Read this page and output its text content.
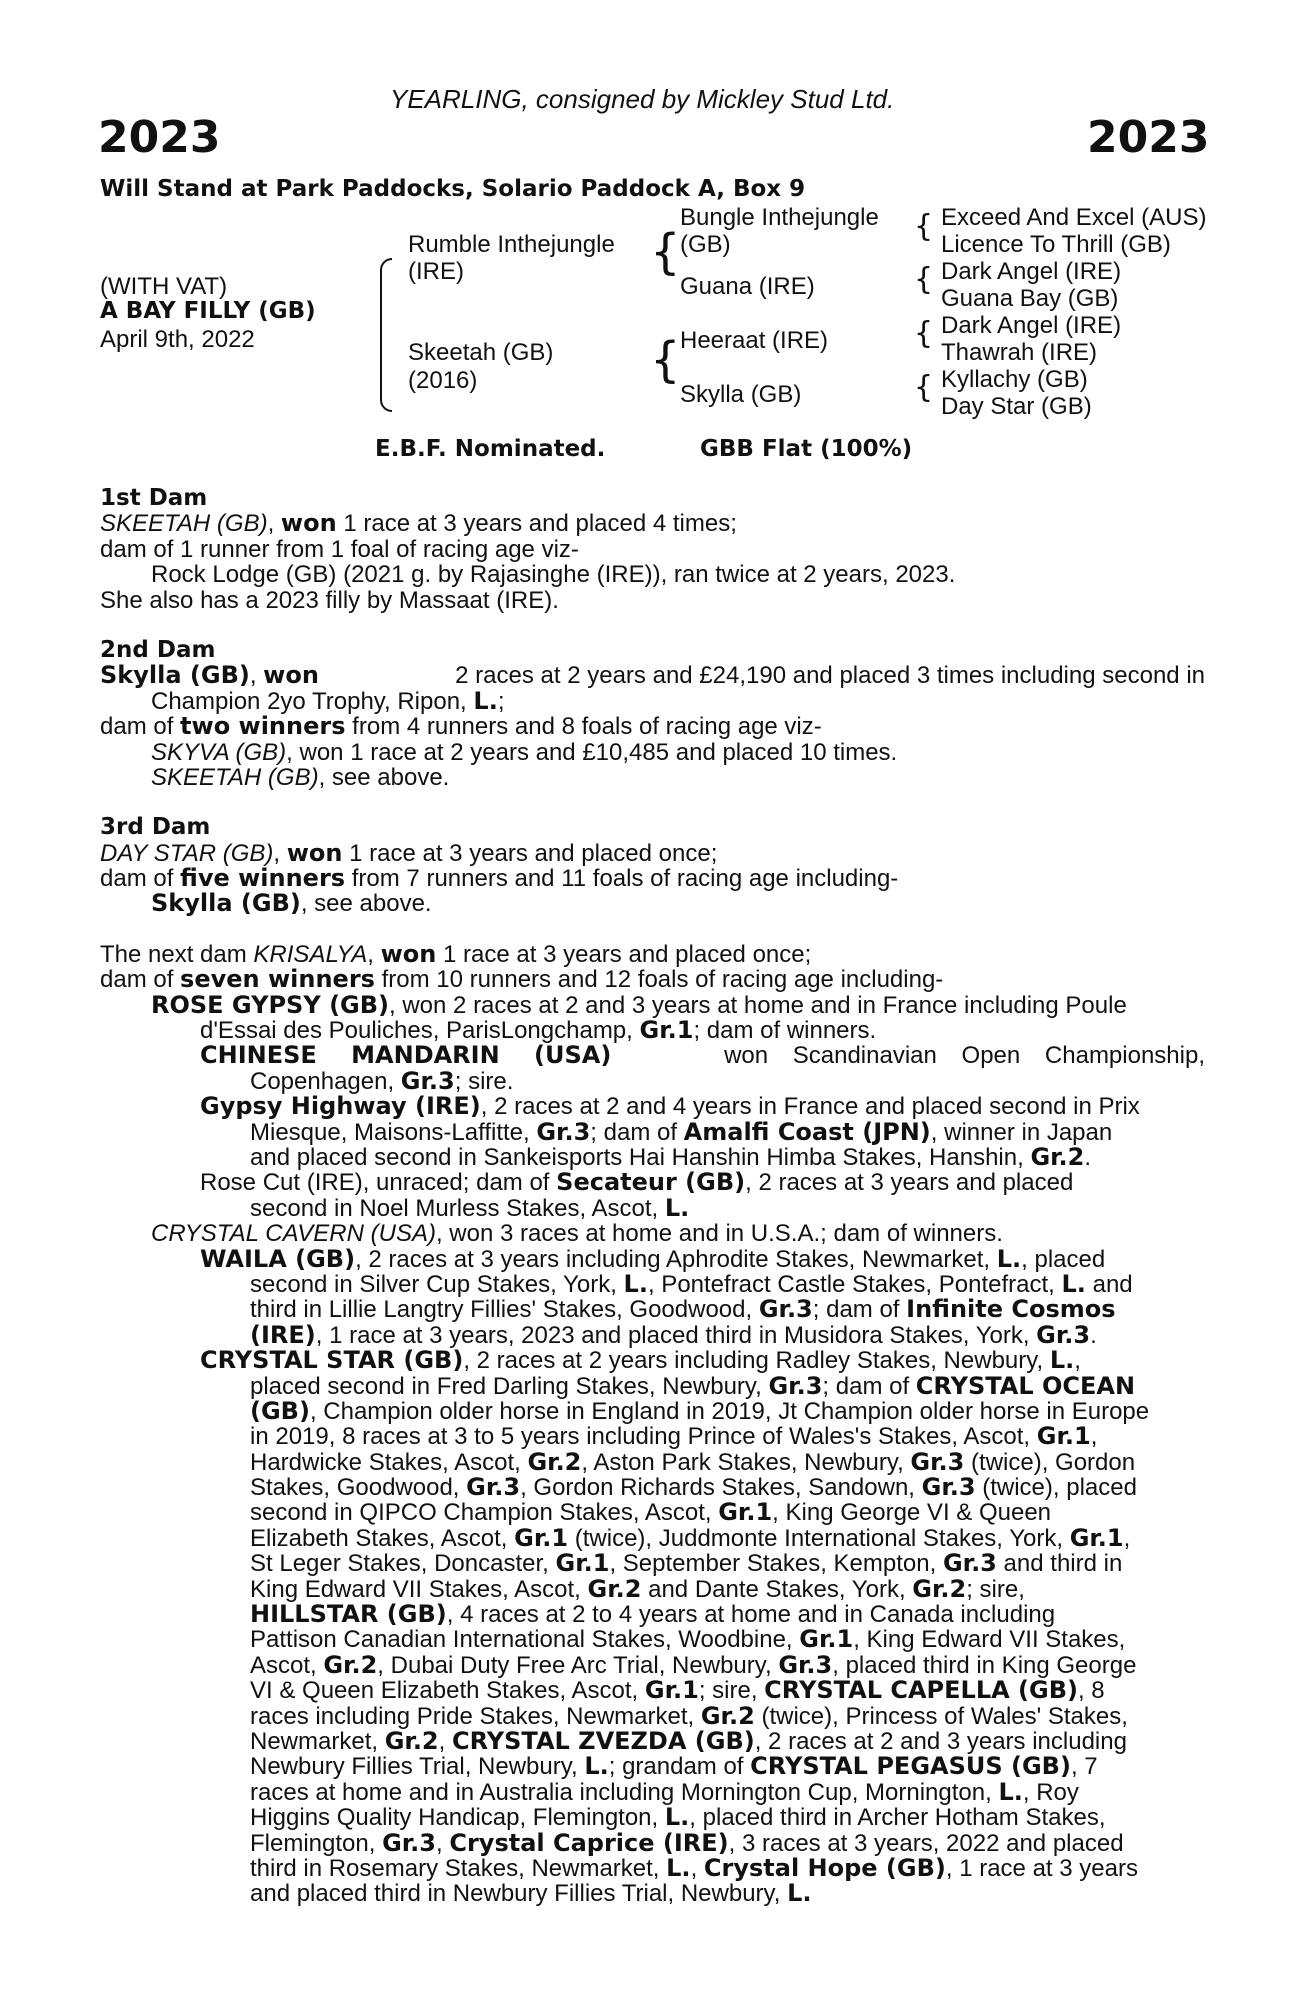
YEARLING, consigned by Mickley Stud Ltd.
2023	2023
Will Stand at Park Paddocks, Solario Paddock A, Box 9
(WITH VAT)
A BAY FILLY (GB)
April 9th, 2022
{
{
{
{
{
{
Rumble Inthejungle
(IRE)
Skeetah (GB)
(2016)
Bungle Inthejungle
(GB)
Guana (IRE)
Heeraat (IRE)
Skylla (GB)
Exceed And Excel (AUS)
Licence To Thrill (GB)
Dark Angel (IRE)
Guana Bay (GB)
Dark Angel (IRE)
Thawrah (IRE)
Kyllachy (GB)
Day Star (GB)
E.B.F. Nominated.	GBB Flat (100%)
1st Dam
SKEETAH (GB), won 1 race at 3 years and placed 4 times;
dam of 1 runner from 1 foal of racing age viz-
Rock Lodge (GB) (2021 g. by Rajasinghe (IRE)), ran twice at 2 years, 2023.
She also has a 2023 filly by Massaat (IRE).
2nd Dam
Skylla (GB), won	2 races at 2 years and £24,190 and placed 3 times including second in
Champion 2yo Trophy, Ripon, L.;
dam of two winners from 4 runners and 8 foals of racing age viz-
SKYVA (GB), won 1 race at 2 years and £10,485 and placed 10 times.
SKEETAH (GB), see above.
3rd Dam
DAY STAR (GB), won 1 race at 3 years and placed once;
dam of five winners from 7 runners and 11 foals of racing age including-
Skylla (GB), see above.
The next dam KRISALYA, won 1 race at 3 years and placed once;
dam of seven winners from 10 runners and 12 foals of racing age including-
ROSE GYPSY (GB), won 2 races at 2 and 3 years at home and in France including Poule
d'Essai des Pouliches, ParisLongchamp, Gr.1; dam of winners.
CHINESE MANDARIN (USA)	won Scandinavian Open Championship,
Copenhagen, Gr.3; sire.
Gypsy Highway (IRE), 2 races at 2 and 4 years in France and placed second in Prix
Miesque, Maisons-Laffitte, Gr.3; dam of Amalfi Coast (JPN), winner in Japan
and placed second in Sankeisports Hai Hanshin Himba Stakes, Hanshin, Gr.2.
Rose Cut (IRE), unraced; dam of Secateur (GB), 2 races at 3 years and placed
second in Noel Murless Stakes, Ascot, L.
CRYSTAL CAVERN (USA), won 3 races at home and in U.S.A.; dam of winners.
WAILA (GB), 2 races at 3 years including Aphrodite Stakes, Newmarket, L., placed
second in Silver Cup Stakes, York, L., Pontefract Castle Stakes, Pontefract, L. and
third in Lillie Langtry Fillies' Stakes, Goodwood, Gr.3; dam of Infinite Cosmos
(IRE), 1 race at 3 years, 2023 and placed third in Musidora Stakes, York, Gr.3.
CRYSTAL STAR (GB), 2 races at 2 years including Radley Stakes, Newbury, L.,
placed second in Fred Darling Stakes, Newbury, Gr.3; dam of CRYSTAL OCEAN
(GB), Champion older horse in England in 2019, Jt Champion older horse in Europe
in 2019, 8 races at 3 to 5 years including Prince of Wales's Stakes, Ascot, Gr.1,
Hardwicke Stakes, Ascot, Gr.2, Aston Park Stakes, Newbury, Gr.3 (twice), Gordon
Stakes, Goodwood, Gr.3, Gordon Richards Stakes, Sandown, Gr.3 (twice), placed
second in QIPCO Champion Stakes, Ascot, Gr.1, King George VI & Queen
Elizabeth Stakes, Ascot, Gr.1 (twice), Juddmonte International Stakes, York, Gr.1,
St Leger Stakes, Doncaster, Gr.1, September Stakes, Kempton, Gr.3 and third in
King Edward VII Stakes, Ascot, Gr.2 and Dante Stakes, York, Gr.2; sire,
HILLSTAR (GB), 4 races at 2 to 4 years at home and in Canada including
Pattison Canadian International Stakes, Woodbine, Gr.1, King Edward VII Stakes,
Ascot, Gr.2, Dubai Duty Free Arc Trial, Newbury, Gr.3, placed third in King George
VI & Queen Elizabeth Stakes, Ascot, Gr.1; sire, CRYSTAL CAPELLA (GB), 8
races including Pride Stakes, Newmarket, Gr.2 (twice), Princess of Wales' Stakes,
Newmarket, Gr.2, CRYSTAL ZVEZDA (GB), 2 races at 2 and 3 years including
Newbury Fillies Trial, Newbury, L.; grandam of CRYSTAL PEGASUS (GB), 7
races at home and in Australia including Mornington Cup, Mornington, L., Roy
Higgins Quality Handicap, Flemington, L., placed third in Archer Hotham Stakes,
Flemington, Gr.3, Crystal Caprice (IRE), 3 races at 3 years, 2022 and placed
third in Rosemary Stakes, Newmarket, L., Crystal Hope (GB), 1 race at 3 years
and placed third in Newbury Fillies Trial, Newbury, L.
